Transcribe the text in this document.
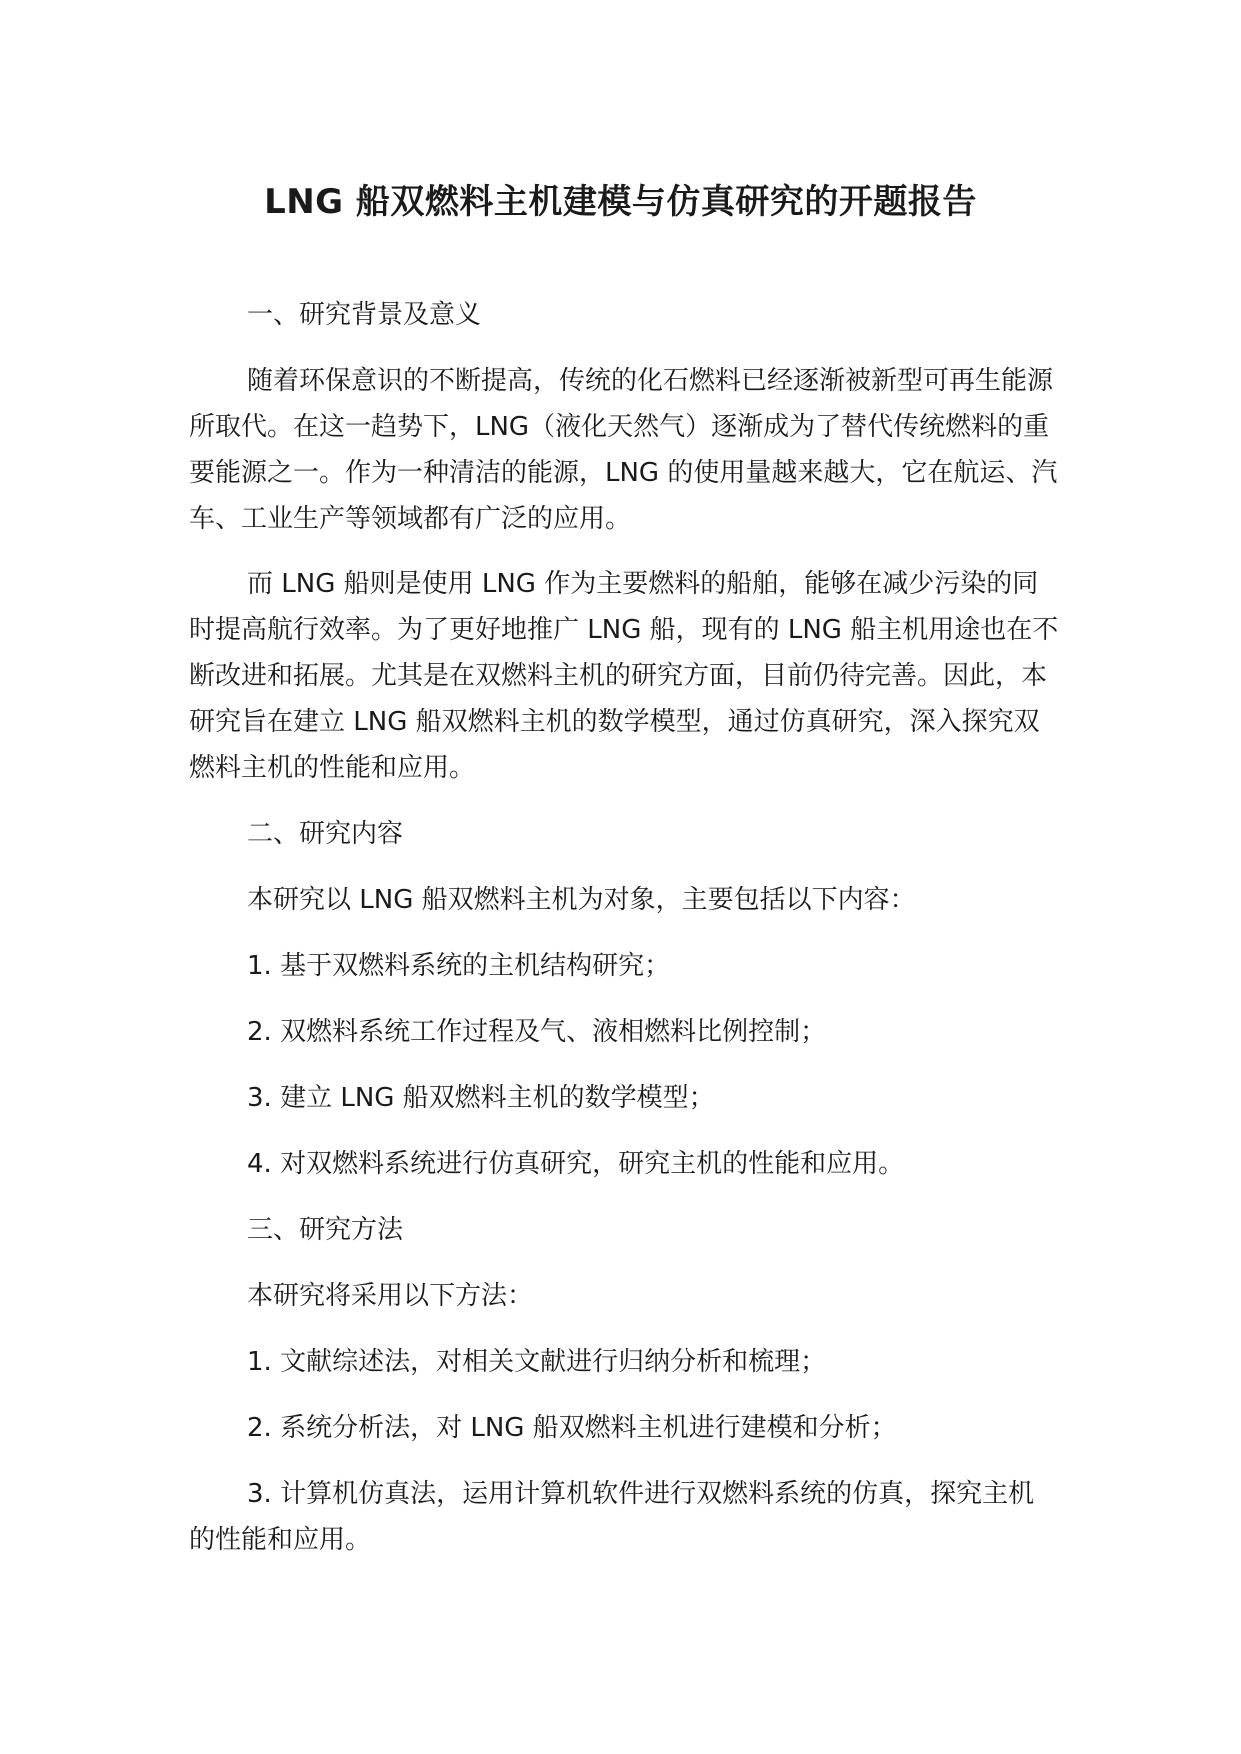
LNG 船双燃料主机建模与仿真研究的开题报告

一、研究背景及意义

随着环保意识的不断提高，传统的化石燃料已经逐渐被新型可再生能源所取代。在这一趋势下，LNG（液化天然气）逐渐成为了替代传统燃料的重要能源之一。作为一种清洁的能源，LNG 的使用量越来越大，它在航运、汽车、工业生产等领域都有广泛的应用。

而 LNG 船则是使用 LNG 作为主要燃料的船舶，能够在减少污染的同时提高航行效率。为了更好地推广 LNG 船，现有的 LNG 船主机用途也在不断改进和拓展。尤其是在双燃料主机的研究方面，目前仍待完善。因此，本研究旨在建立 LNG 船双燃料主机的数学模型，通过仿真研究，深入探究双燃料主机的性能和应用。

二、研究内容

本研究以 LNG 船双燃料主机为对象，主要包括以下内容：

1. 基于双燃料系统的主机结构研究；

2. 双燃料系统工作过程及气、液相燃料比例控制；

3. 建立 LNG 船双燃料主机的数学模型；

4. 对双燃料系统进行仿真研究，研究主机的性能和应用。

三、研究方法

本研究将采用以下方法：

1. 文献综述法，对相关文献进行归纳分析和梳理；

2. 系统分析法，对 LNG 船双燃料主机进行建模和分析；

3. 计算机仿真法，运用计算机软件进行双燃料系统的仿真，探究主机的性能和应用。
